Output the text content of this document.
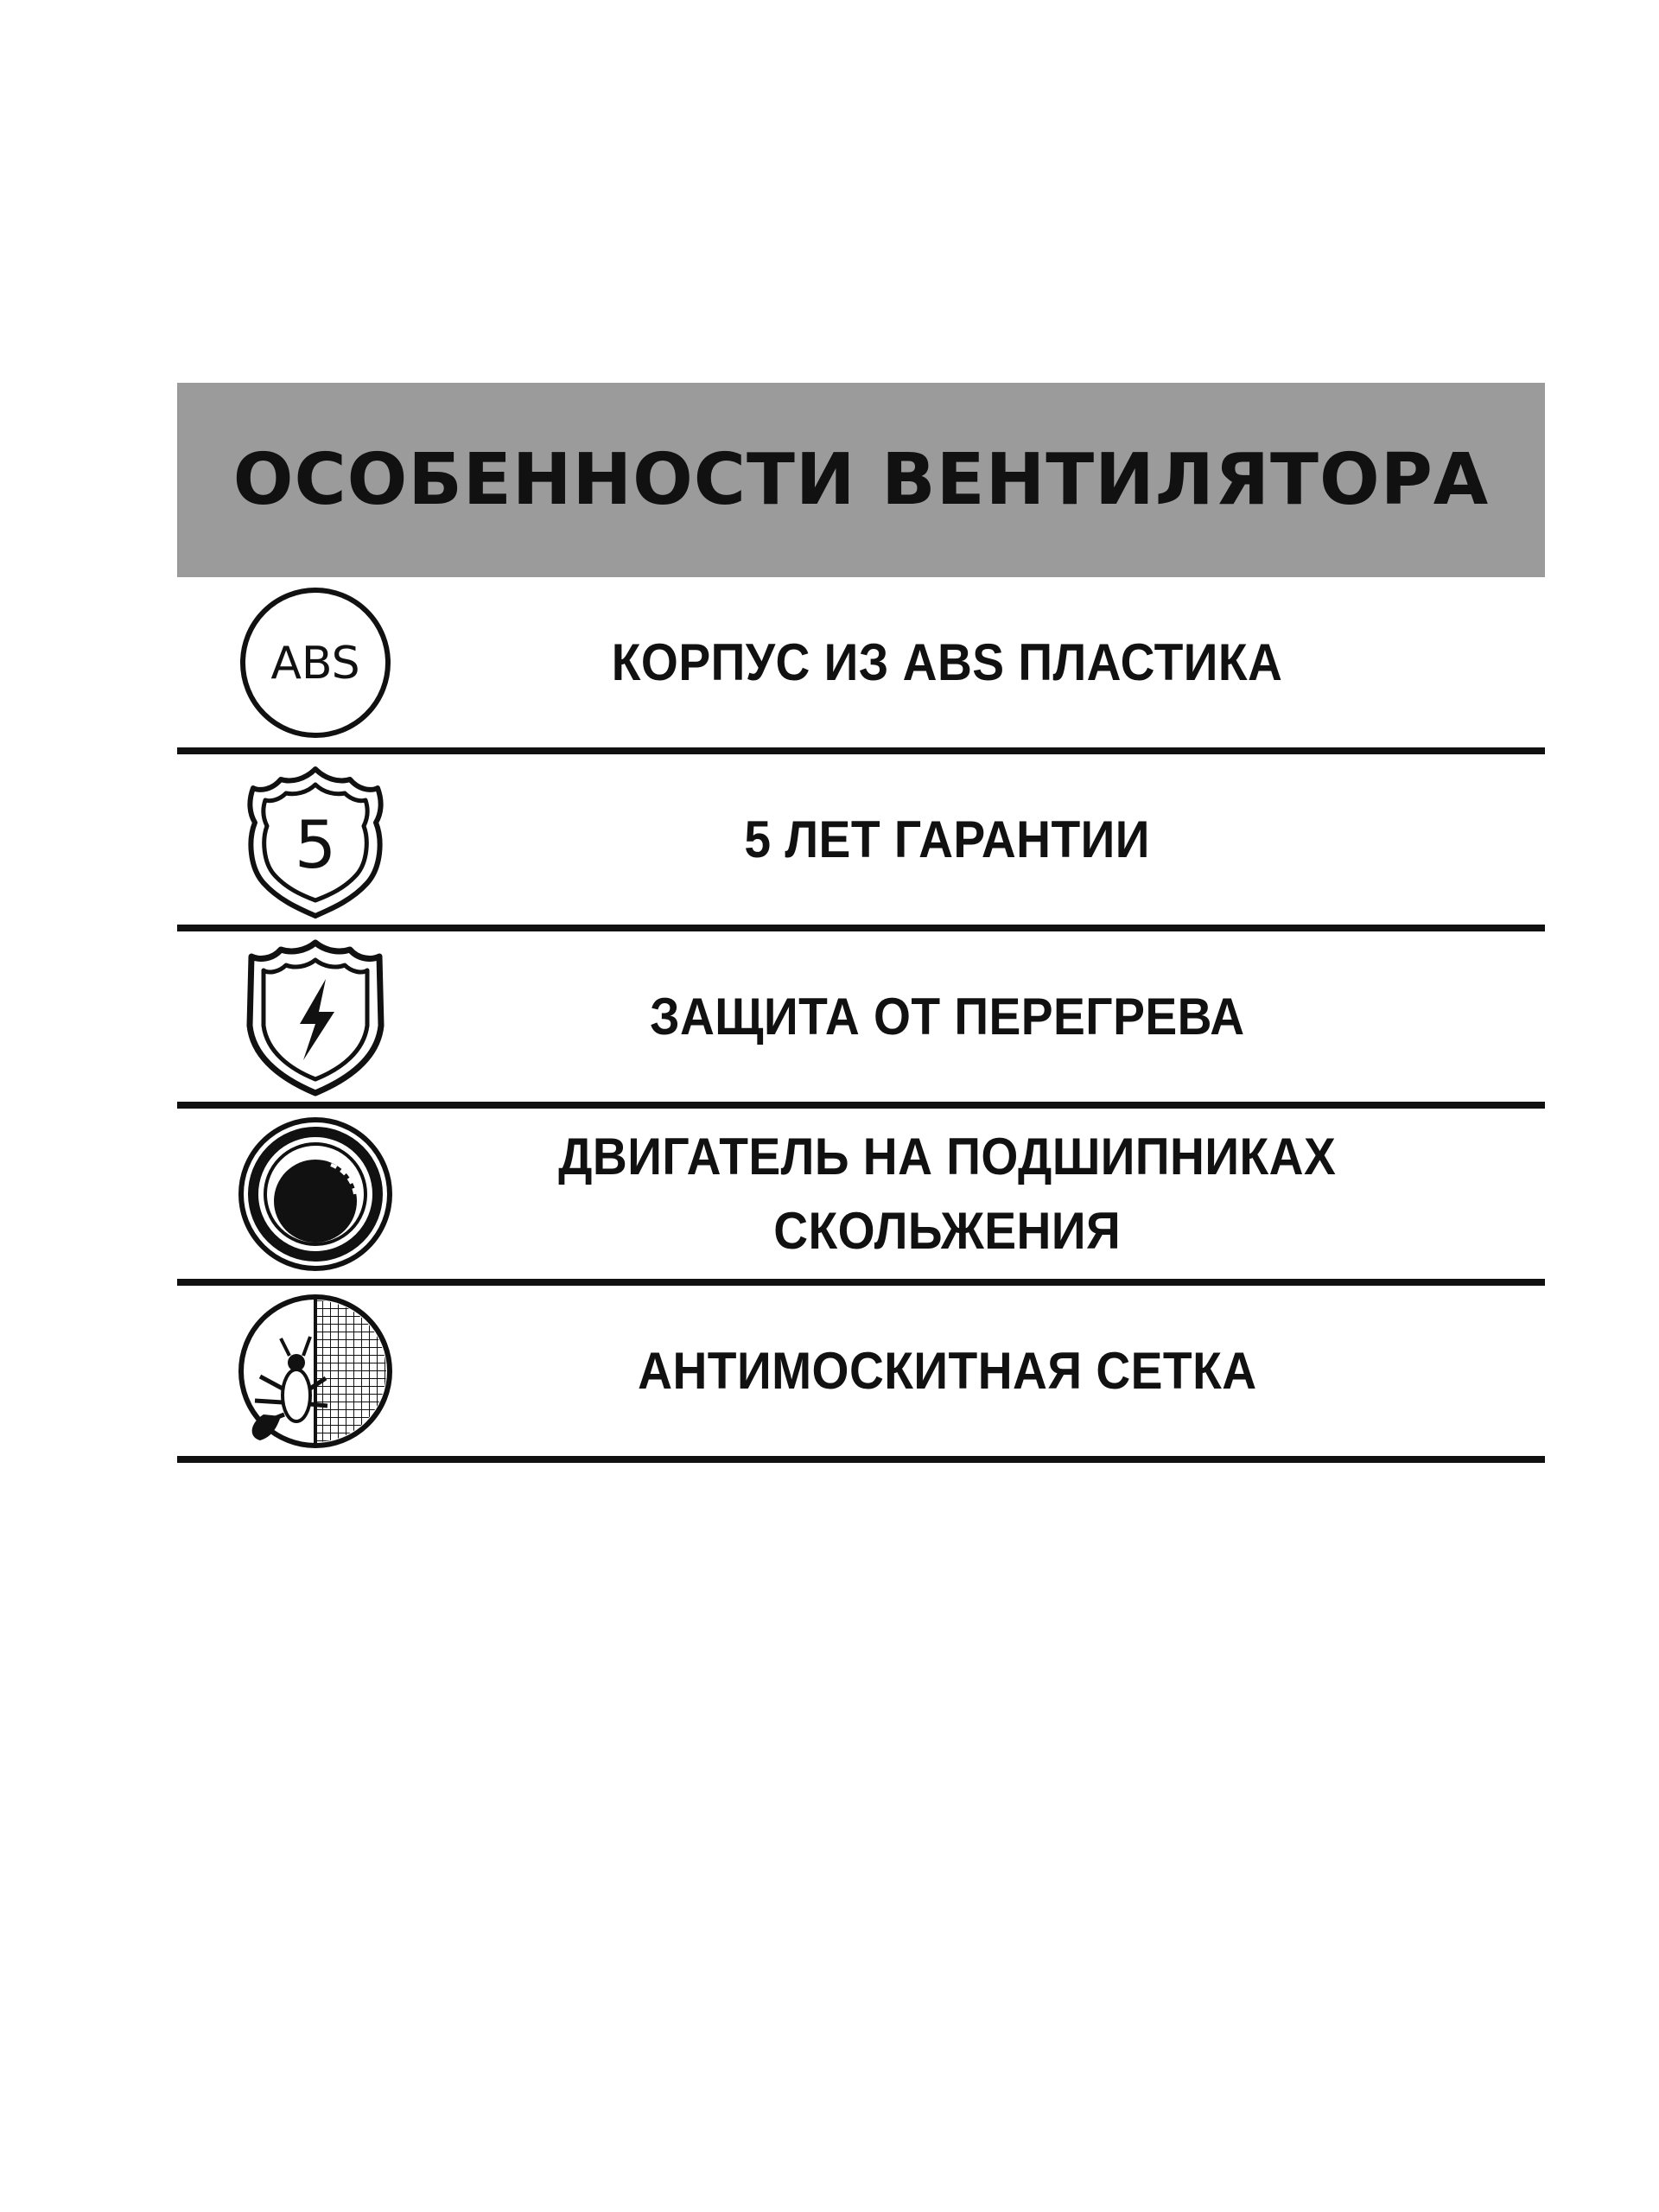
ОСОБЕННОСТИ ВЕНТИЛЯТОРА
ABS	КОРПУС ИЗ ABS ПЛАСТИКА
5	5 ЛЕТ ГАРАНТИИ
ЗАЩИТА ОТ ПЕРЕГРЕВА
ДВИГАТЕЛЬ НА ПОДШИПНИКАХ
СКОЛЬЖЕНИЯ
АНТИМОСКИТНАЯ СЕТКА
